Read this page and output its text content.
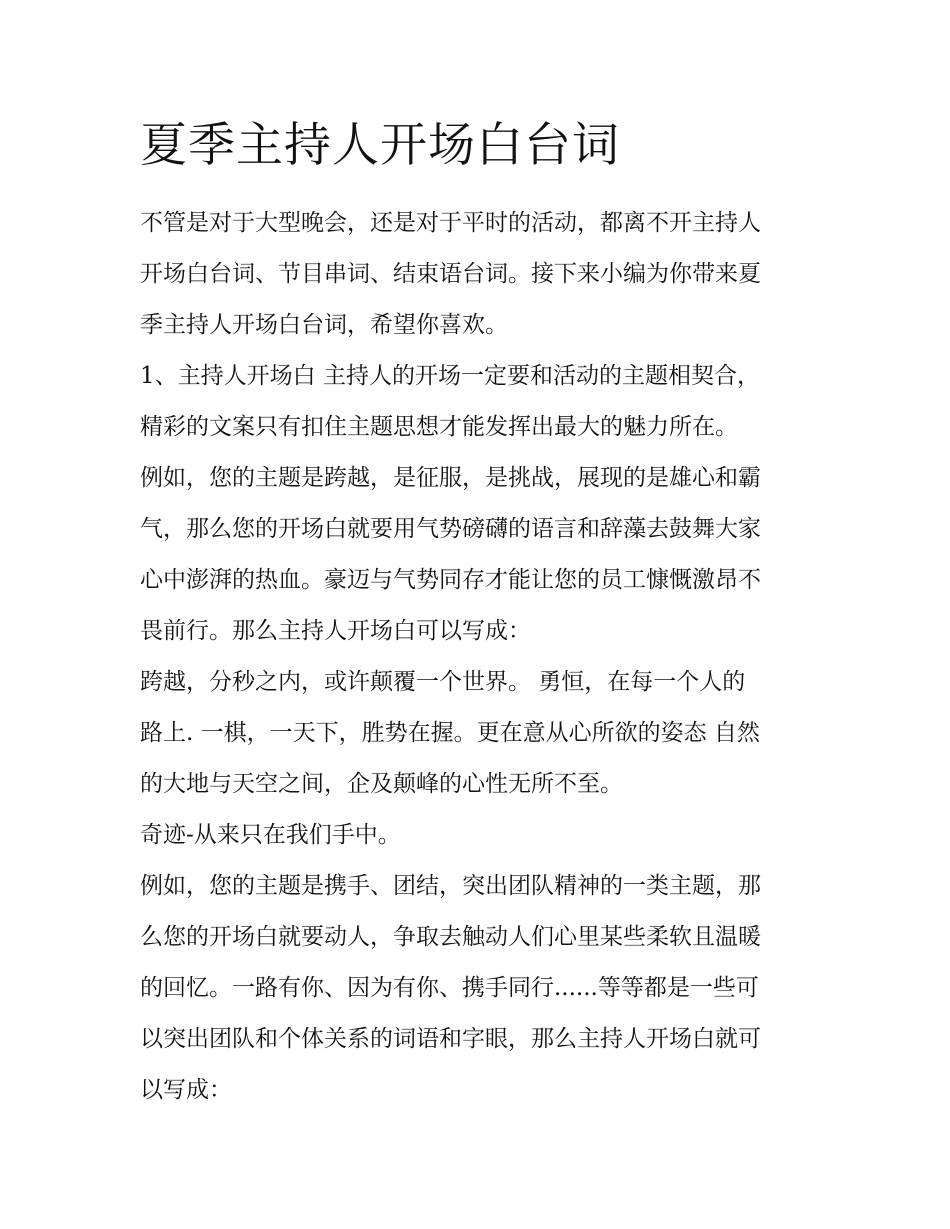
夏季主持人开场白台词

不管是对于大型晚会，还是对于平时的活动，都离不开主持人

开场白台词、节目串词、结束语台词。接下来小编为你带来夏

季主持人开场白台词，希望你喜欢。

1、主持人开场白 主持人的开场一定要和活动的主题相契合，

精彩的文案只有扣住主题思想才能发挥出最大的魅力所在。

例如，您的主题是跨越，是征服，是挑战，展现的是雄心和霸

气，那么您的开场白就要用气势磅礴的语言和辞藻去鼓舞大家

心中澎湃的热血。豪迈与气势同存才能让您的员工慷慨激昂不

畏前行。那么主持人开场白可以写成：

跨越，分秒之内，或许颠覆一个世界。 勇恒，在每一个人的

路上. 一棋，一天下，胜势在握。更在意从心所欲的姿态 自然

的大地与天空之间，企及颠峰的心性无所不至。

奇迹-从来只在我们手中。

例如，您的主题是携手、团结，突出团队精神的一类主题，那

么您的开场白就要动人，争取去触动人们心里某些柔软且温暖

的回忆。一路有你、因为有你、携手同行......等等都是一些可

以突出团队和个体关系的词语和字眼，那么主持人开场白就可

以写成：
